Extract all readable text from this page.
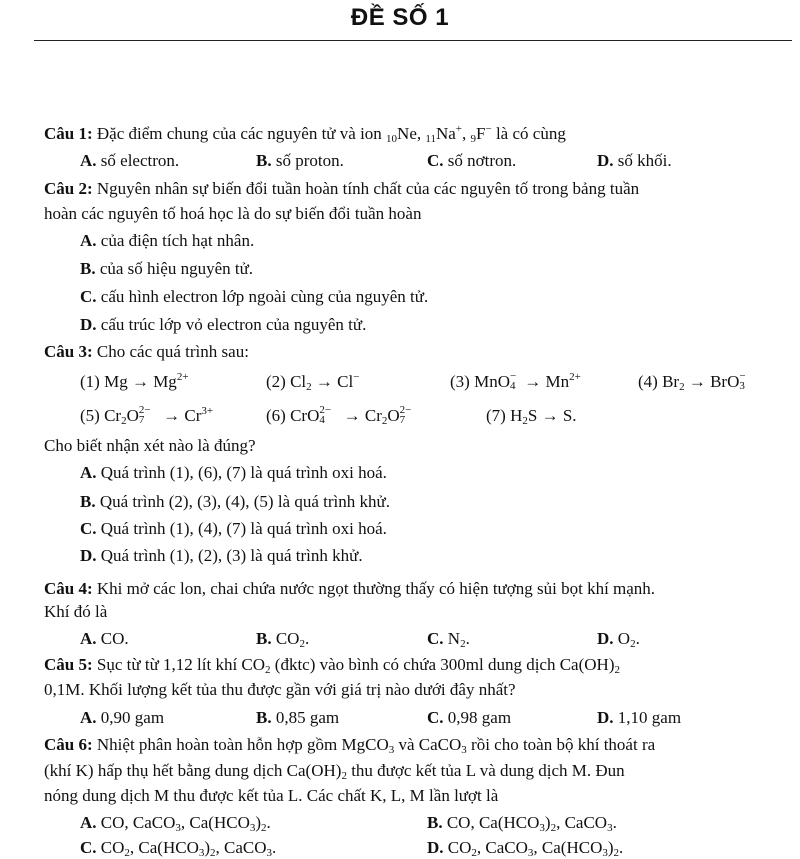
ĐỀ SỐ 1
Câu 1: Đặc điểm chung của các nguyên tử và ion $_{10}$Ne, $_{11}$Na+, $_9$F− là có cùng
A. số electron.	B. số proton.	C. số nơtron.	D. số khối.
Câu 2: Nguyên nhân sự biến đổi tuần hoàn tính chất của các nguyên tố trong bảng tuần
hoàn các nguyên tố hoá học là do sự biến đổi tuần hoàn
A. của điện tích hạt nhân.
B. của số hiệu nguyên tử.
C. cấu hình electron lớp ngoài cùng của nguyên tử.
D. cấu trúc lớp vỏ electron của nguyên tử.
Câu 3: Cho các quá trình sau:
(1) $Mg \to Mg^{2+}$	(2) $Cl_2 \to Cl^-$	(3) MnO −
$4 \to Mn^{2+}$	(4) $Br_2$ → BrO −
3
(5) $Cr_2O$ 2−
$7 \to Cr^{3+}$	(6) CrO 2−
$4 \to Cr_2O$ 2−
7	(7) $H_2S \to S$.
Cho biết nhận xét nào là đúng?
A. Quá trình (1), (6), (7) là quá trình oxi hoá.
B. Quá trình (2), (3), (4), (5) là quá trình khử.
C. Quá trình (1), (4), (7) là quá trình oxi hoá.
D. Quá trình (1), (2), (3) là quá trình khử.
Câu 4: Khi mở các lon, chai chứa nước ngọt thường thấy có hiện tượng sủi bọt khí mạnh.
Khí đó là
A. CO.	B. $CO_2$.	C. $N_2$.	D. $O_2$.
Câu 5: Sục từ từ 1,12 lít khí $CO_2$ (đktc) vào bình có chứa 300ml dung dịch $Ca(OH)_2$
0,1M. Khối lượng kết tủa thu được gần với giá trị nào dưới đây nhất?
A. 0,90 gam	B. 0,85 gam	C. 0,98 gam	D. 1,10 gam
Câu 6: Nhiệt phân hoàn toàn hỗn hợp gồm MgCO$_3$ và CaCO$_3$ rồi cho toàn bộ khí thoát ra
(khí K) hấp thụ hết bằng dung dịch $Ca(OH)_2$ thu được kết tủa L và dung dịch M. Đun
nóng dung dịch M thu được kết tủa L. Các chất K, L, M lần lượt là
A. CO, CaCO$_3$, $Ca(HCO_3)_2$.	B. CO, $Ca(HCO_3)_2$, CaCO$_3$.
C. $CO_2$, $Ca(HCO_3)_2$, CaCO$_3$.	D. $CO_2$, CaCO$_3$, $Ca(HCO_3)_2$.
